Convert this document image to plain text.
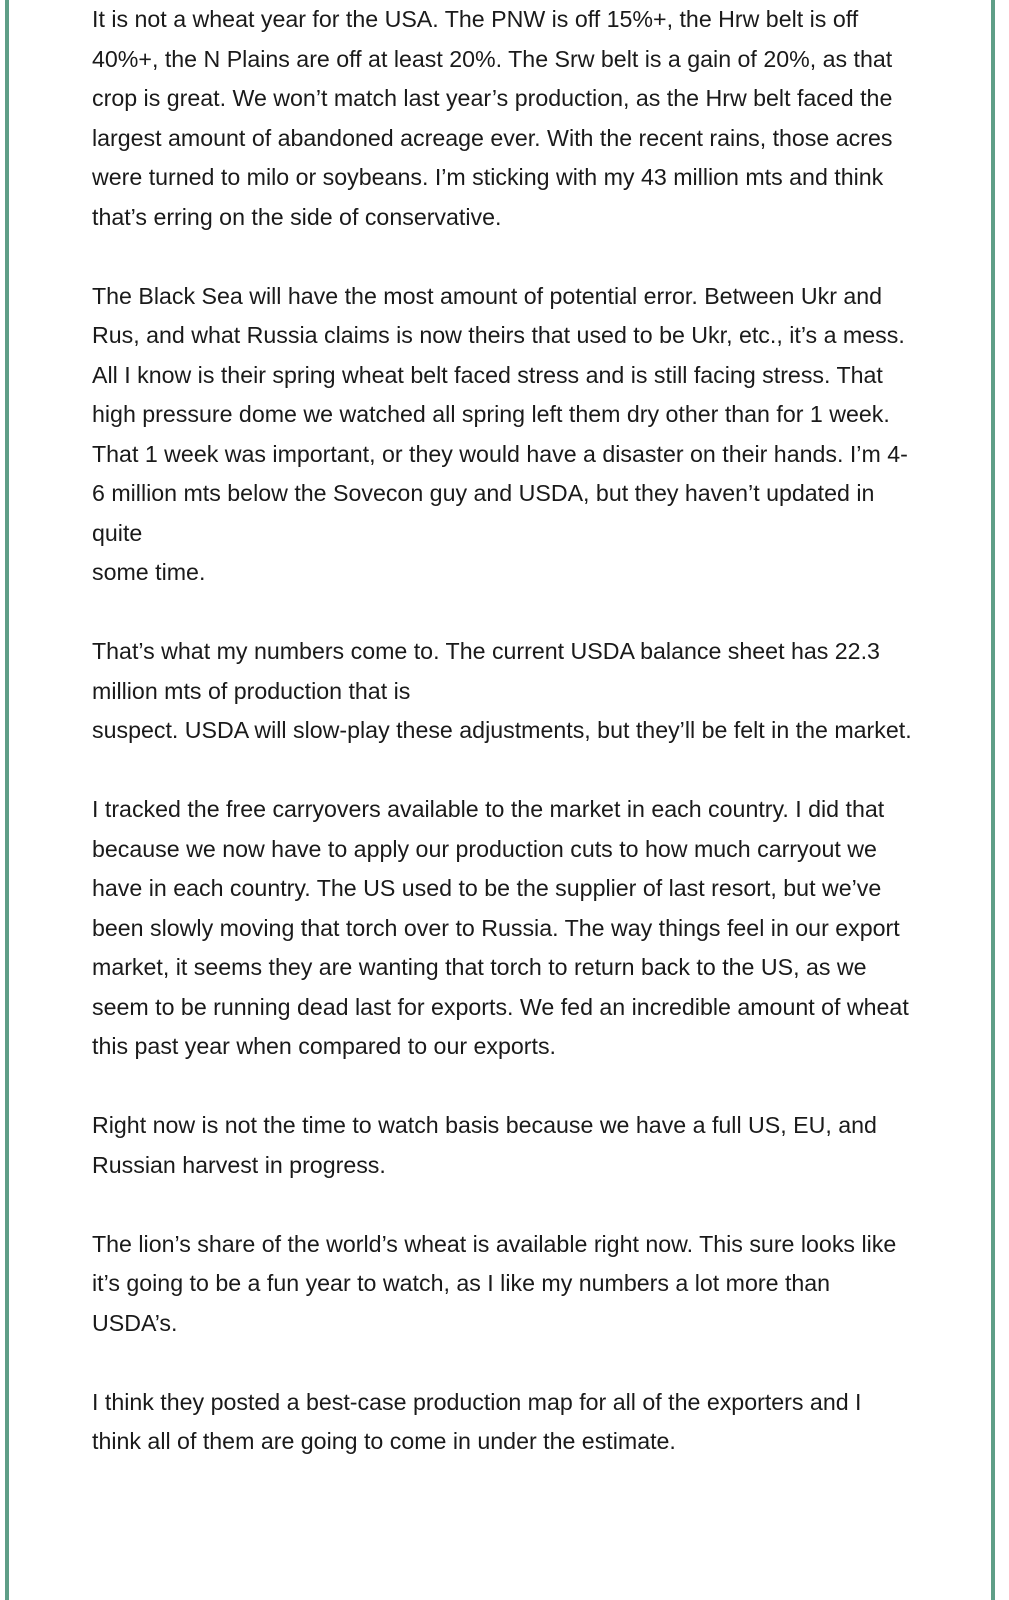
It is not a wheat year for the USA. The PNW is off 15%+, the Hrw belt is off 40%+, the N Plains are off at least 20%. The Srw belt is a gain of 20%, as that crop is great. We won’t match last year’s production, as the Hrw belt faced the largest amount of abandoned acreage ever. With the recent rains, those acres were turned to milo or soybeans. I’m sticking with my 43 million mts and think that’s erring on the side of conservative.

The Black Sea will have the most amount of potential error. Between Ukr and Rus, and what Russia claims is now theirs that used to be Ukr, etc., it’s a mess. All I know is their spring wheat belt faced stress and is still facing stress. That high pressure dome we watched all spring left them dry other than for 1 week. That 1 week was important, or they would have a disaster on their hands. I’m 4-6 million mts below the Sovecon guy and USDA, but they haven’t updated in quite
some time.

That’s what my numbers come to. The current USDA balance sheet has 22.3 million mts of production that is
suspect. USDA will slow-play these adjustments, but they’ll be felt in the market.

I tracked the free carryovers available to the market in each country. I did that because we now have to apply our production cuts to how much carryout we have in each country. The US used to be the supplier of last resort, but we’ve been slowly moving that torch over to Russia. The way things feel in our export market, it seems they are wanting that torch to return back to the US, as we seem to be running dead last for exports. We fed an incredible amount of wheat this past year when compared to our exports.

Right now is not the time to watch basis because we have a full US, EU, and Russian harvest in progress.

The lion’s share of the world’s wheat is available right now. This sure looks like it’s going to be a fun year to watch, as I like my numbers a lot more than USDA’s.

I think they posted a best-case production map for all of the exporters and I think all of them are going to come in under the estimate.
